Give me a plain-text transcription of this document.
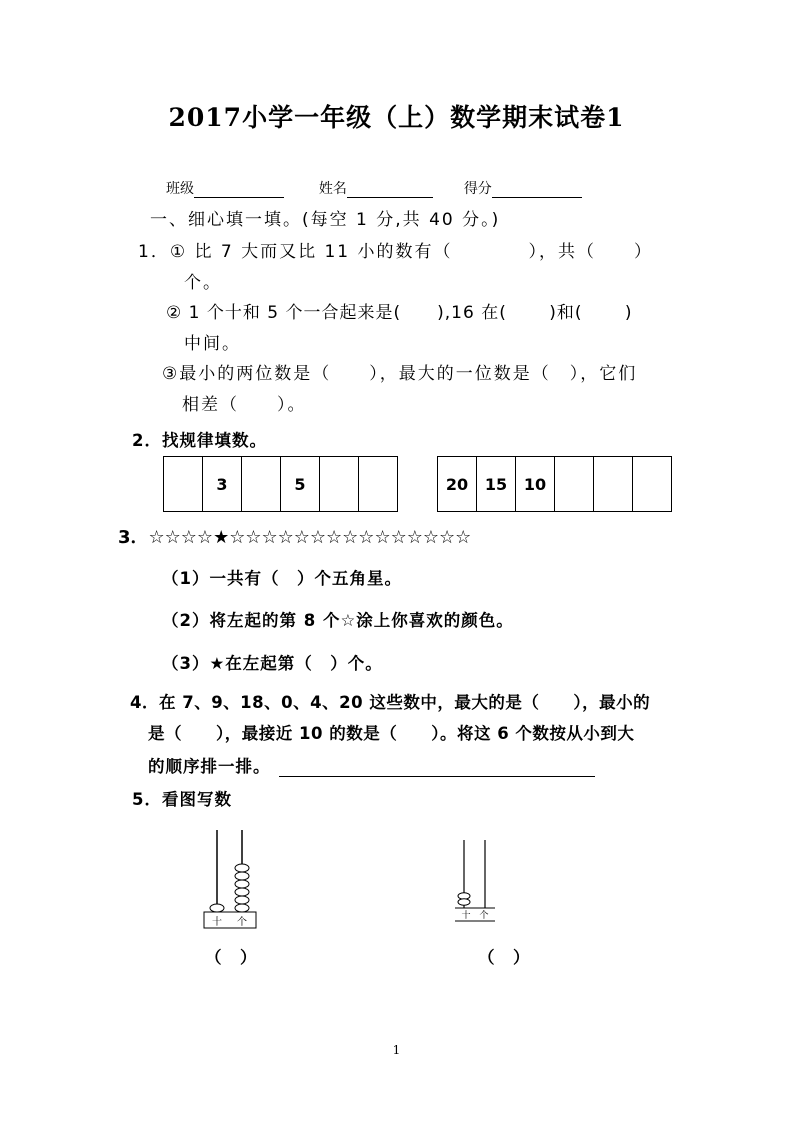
2017小学一年级（上）数学期末试卷1
班级	姓名	得分
一、细心填一填。(每空 1 分,共 40 分。)
1．① 比 7 大而又比 11 小的数有（　　　　），共（　　）
个。
② 1 个十和 5 个一合起来是(　　),16 在(　　 )和(　　 )
中间。
③最小的两位数是（　　），最大的一位数是（　），它们
相差（　　）。
2．找规律填数。
	3		5			20	15	10			
3．☆☆☆☆★☆☆☆☆☆☆☆☆☆☆☆☆☆☆☆
（1）一共有（　）个五角星。
（2）将左起的第 8 个☆涂上你喜欢的颜色。
（3）★在左起第（　）个。
4．在 7、9、18、0、4、20 这些数中，最大的是（　　），最小的
是（　　），最接近 10 的数是（　　）。将这 6 个数按从小到大
的顺序排一排。
5．看图写数
十 个
（　）
十 个
（　）
1
